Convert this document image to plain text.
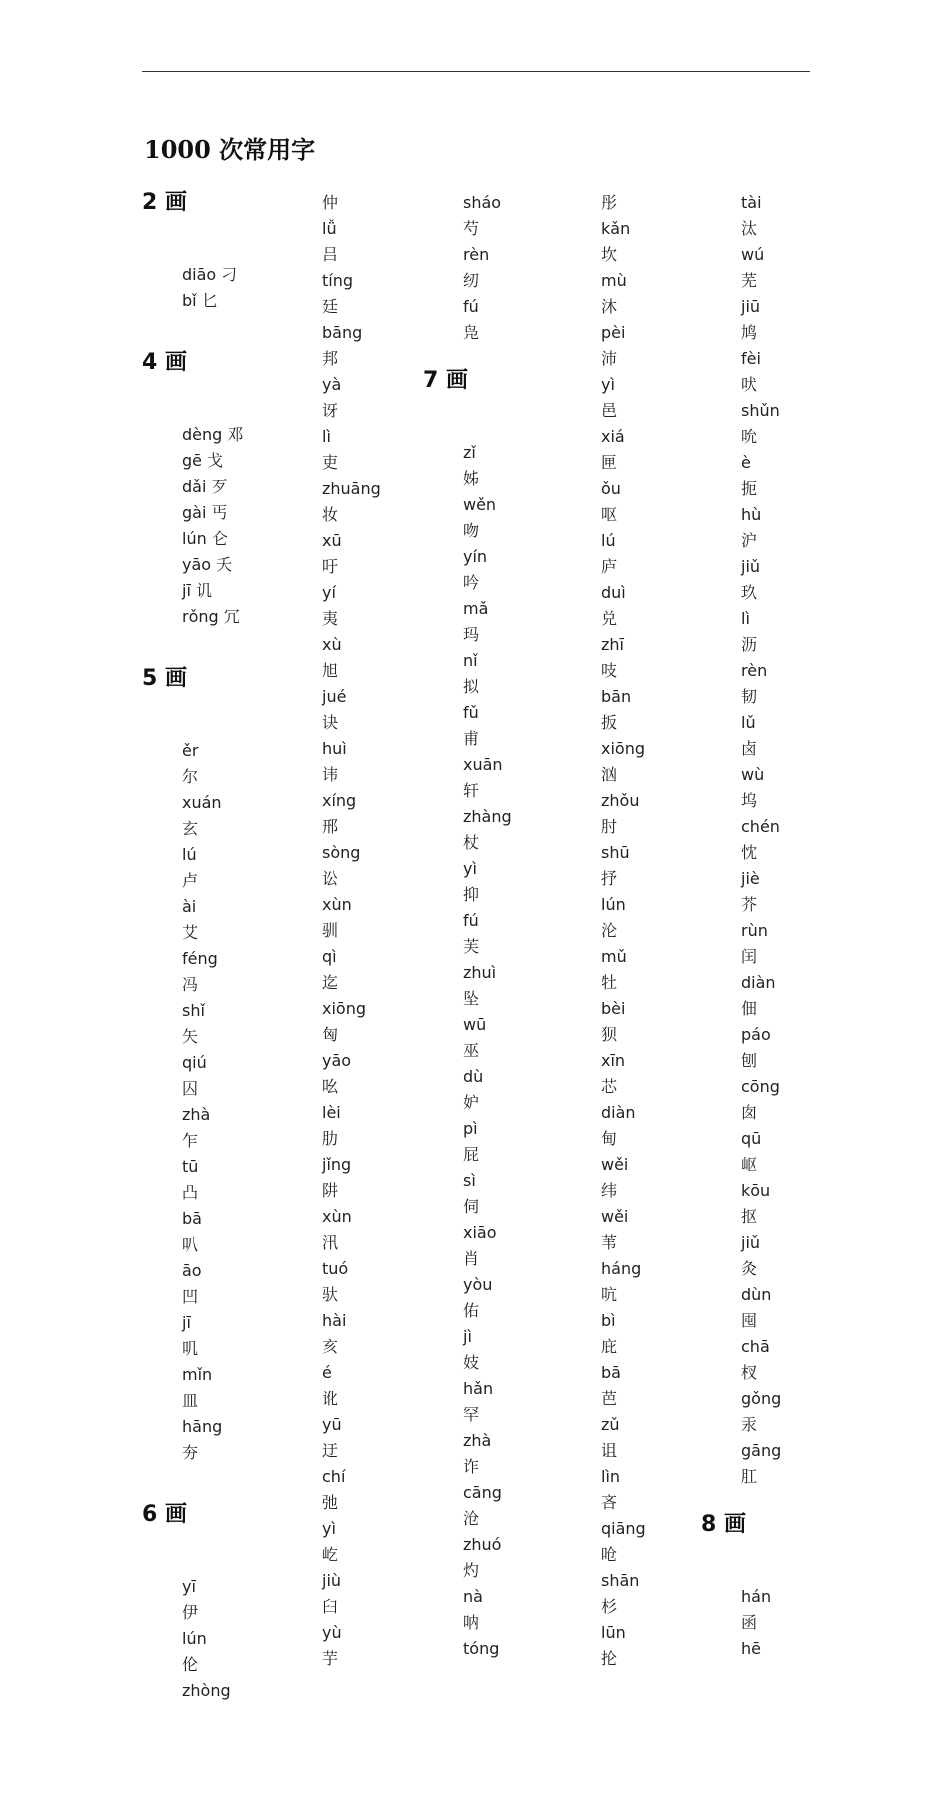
1000 次常用字
2 画
diāo 刁
bǐ 匕
4 画
dèng 邓
gē 戈
dǎi 歹
gài 丐
lún 仑
yāo 夭
jī 讥
rǒng 冗
5 画
ěr
尔
xuán
玄
lú
卢
ài
艾
féng
冯
shǐ
矢
qiú
囚
zhà
乍
tū
凸
bā
叭
āo
凹
jī
叽
mǐn
皿
hāng
夯
6 画
yī
伊
lún
伦
zhòng
仲
lǚ
吕
tíng
廷
bāng
邦
yà
讶
lì
吏
zhuāng
妆
xū
吁
yí
夷
xù
旭
jué
诀
huì
讳
xíng
邢
sòng
讼
xùn
驯
qì
迄
xiōng
匈
yāo
吆
lèi
肋
jǐng
阱
xùn
汛
tuó
驮
hài
亥
é
讹
yū
迂
chí
弛
yì
屹
jiù
臼
yù
芋
sháo
芍
rèn
纫
fú
凫
7 画
zǐ
姊
wěn
吻
yín
吟
mǎ
玛
nǐ
拟
fǔ
甫
xuān
轩
zhàng
杖
yì
抑
fú
芙
zhuì
坠
wū
巫
dù
妒
pì
屁
sì
伺
xiāo
肖
yòu
佑
jì
妓
hǎn
罕
zhà
诈
cāng
沧
zhuó
灼
nà
呐
tóng
彤
kǎn
坎
mù
沐
pèi
沛
yì
邑
xiá
匣
ǒu
呕
lú
庐
duì
兑
zhī
吱
bān
扳
xiōng
汹
zhǒu
肘
shū
抒
lún
沦
mǔ
牡
bèi
狈
xīn
芯
diàn
甸
wěi
纬
wěi
苇
háng
吭
bì
庇
bā
芭
zǔ
诅
lìn
吝
qiāng
呛
shān
杉
lūn
抡
tài
汰
wú
芜
jiū
鸠
fèi
吠
shǔn
吮
è
扼
hù
沪
jiǔ
玖
lì
沥
rèn
韧
lǔ
卤
wù
坞
chén
忱
jiè
芥
rùn
闰
diàn
佃
páo
刨
cōng
囱
qū
岖
kōu
抠
jiǔ
灸
dùn
囤
chā
杈
gǒng
汞
gāng
肛
8 画
hán
函
hē
